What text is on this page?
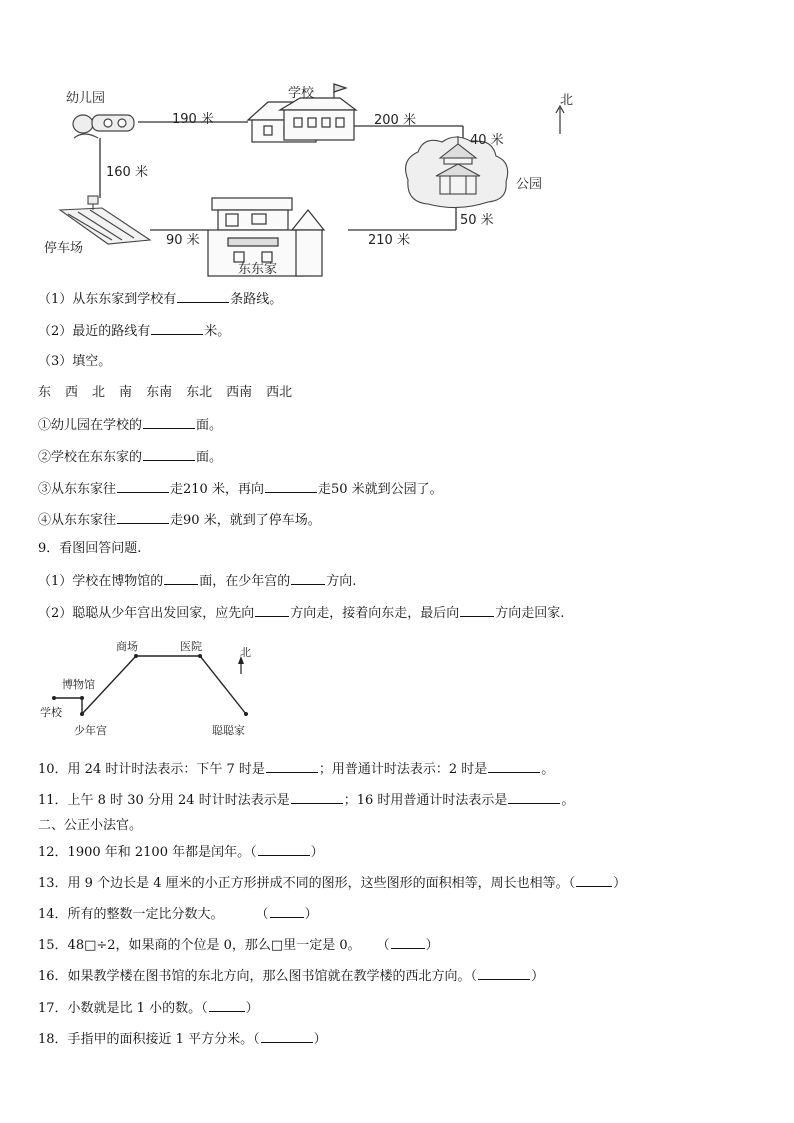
幼儿园	学校	北
公园
停车场
东东家
190 米	200 米
40 米
50 米
210 米
90 米
160 米
（1）从东东家到学校有	条路线。
（2）最近的路线有	米。
（3）填空。
东 西 北 南 东南 东北 西南 西北
①幼儿园在学校的	面。
②学校在东东家的	面。
③从东东家往	走210 米，再向	走50 米就到公园了。
④从东东家往	走90 米，就到了停车场。
9．看图回答问题.
（1）学校在博物馆的	面，在少年宫的	方向.
（2）聪聪从少年宫出发回家，应先向	方向走，接着向东走，最后向	方向走回家.
商场	医院	北
博物馆
学校
少年宫	聪聪家
10．用 24 时计时法表示：下午 7 时是	；用普通计时法表示：2 时是	。
11．上午 8 时 30 分用 24 时计时法表示是	；16 时用普通计时法表示是	。
二、公正小法官。
12．1900 年和 2100 年都是闰年。（	）
13．用 9 个边长是 4 厘米的小正方形拼成不同的图形，这些图形的面积相等，周长也相等。（	）
14．所有的整数一定比分数大。 （	）
15．48□÷2，如果商的个位是 0，那么□里一定是 0。 （	）
16．如果教学楼在图书馆的东北方向，那么图书馆就在教学楼的西北方向。（	）
17．小数就是比 1 小的数。（	）
18．手指甲的面积接近 1 平方分米。（	）
